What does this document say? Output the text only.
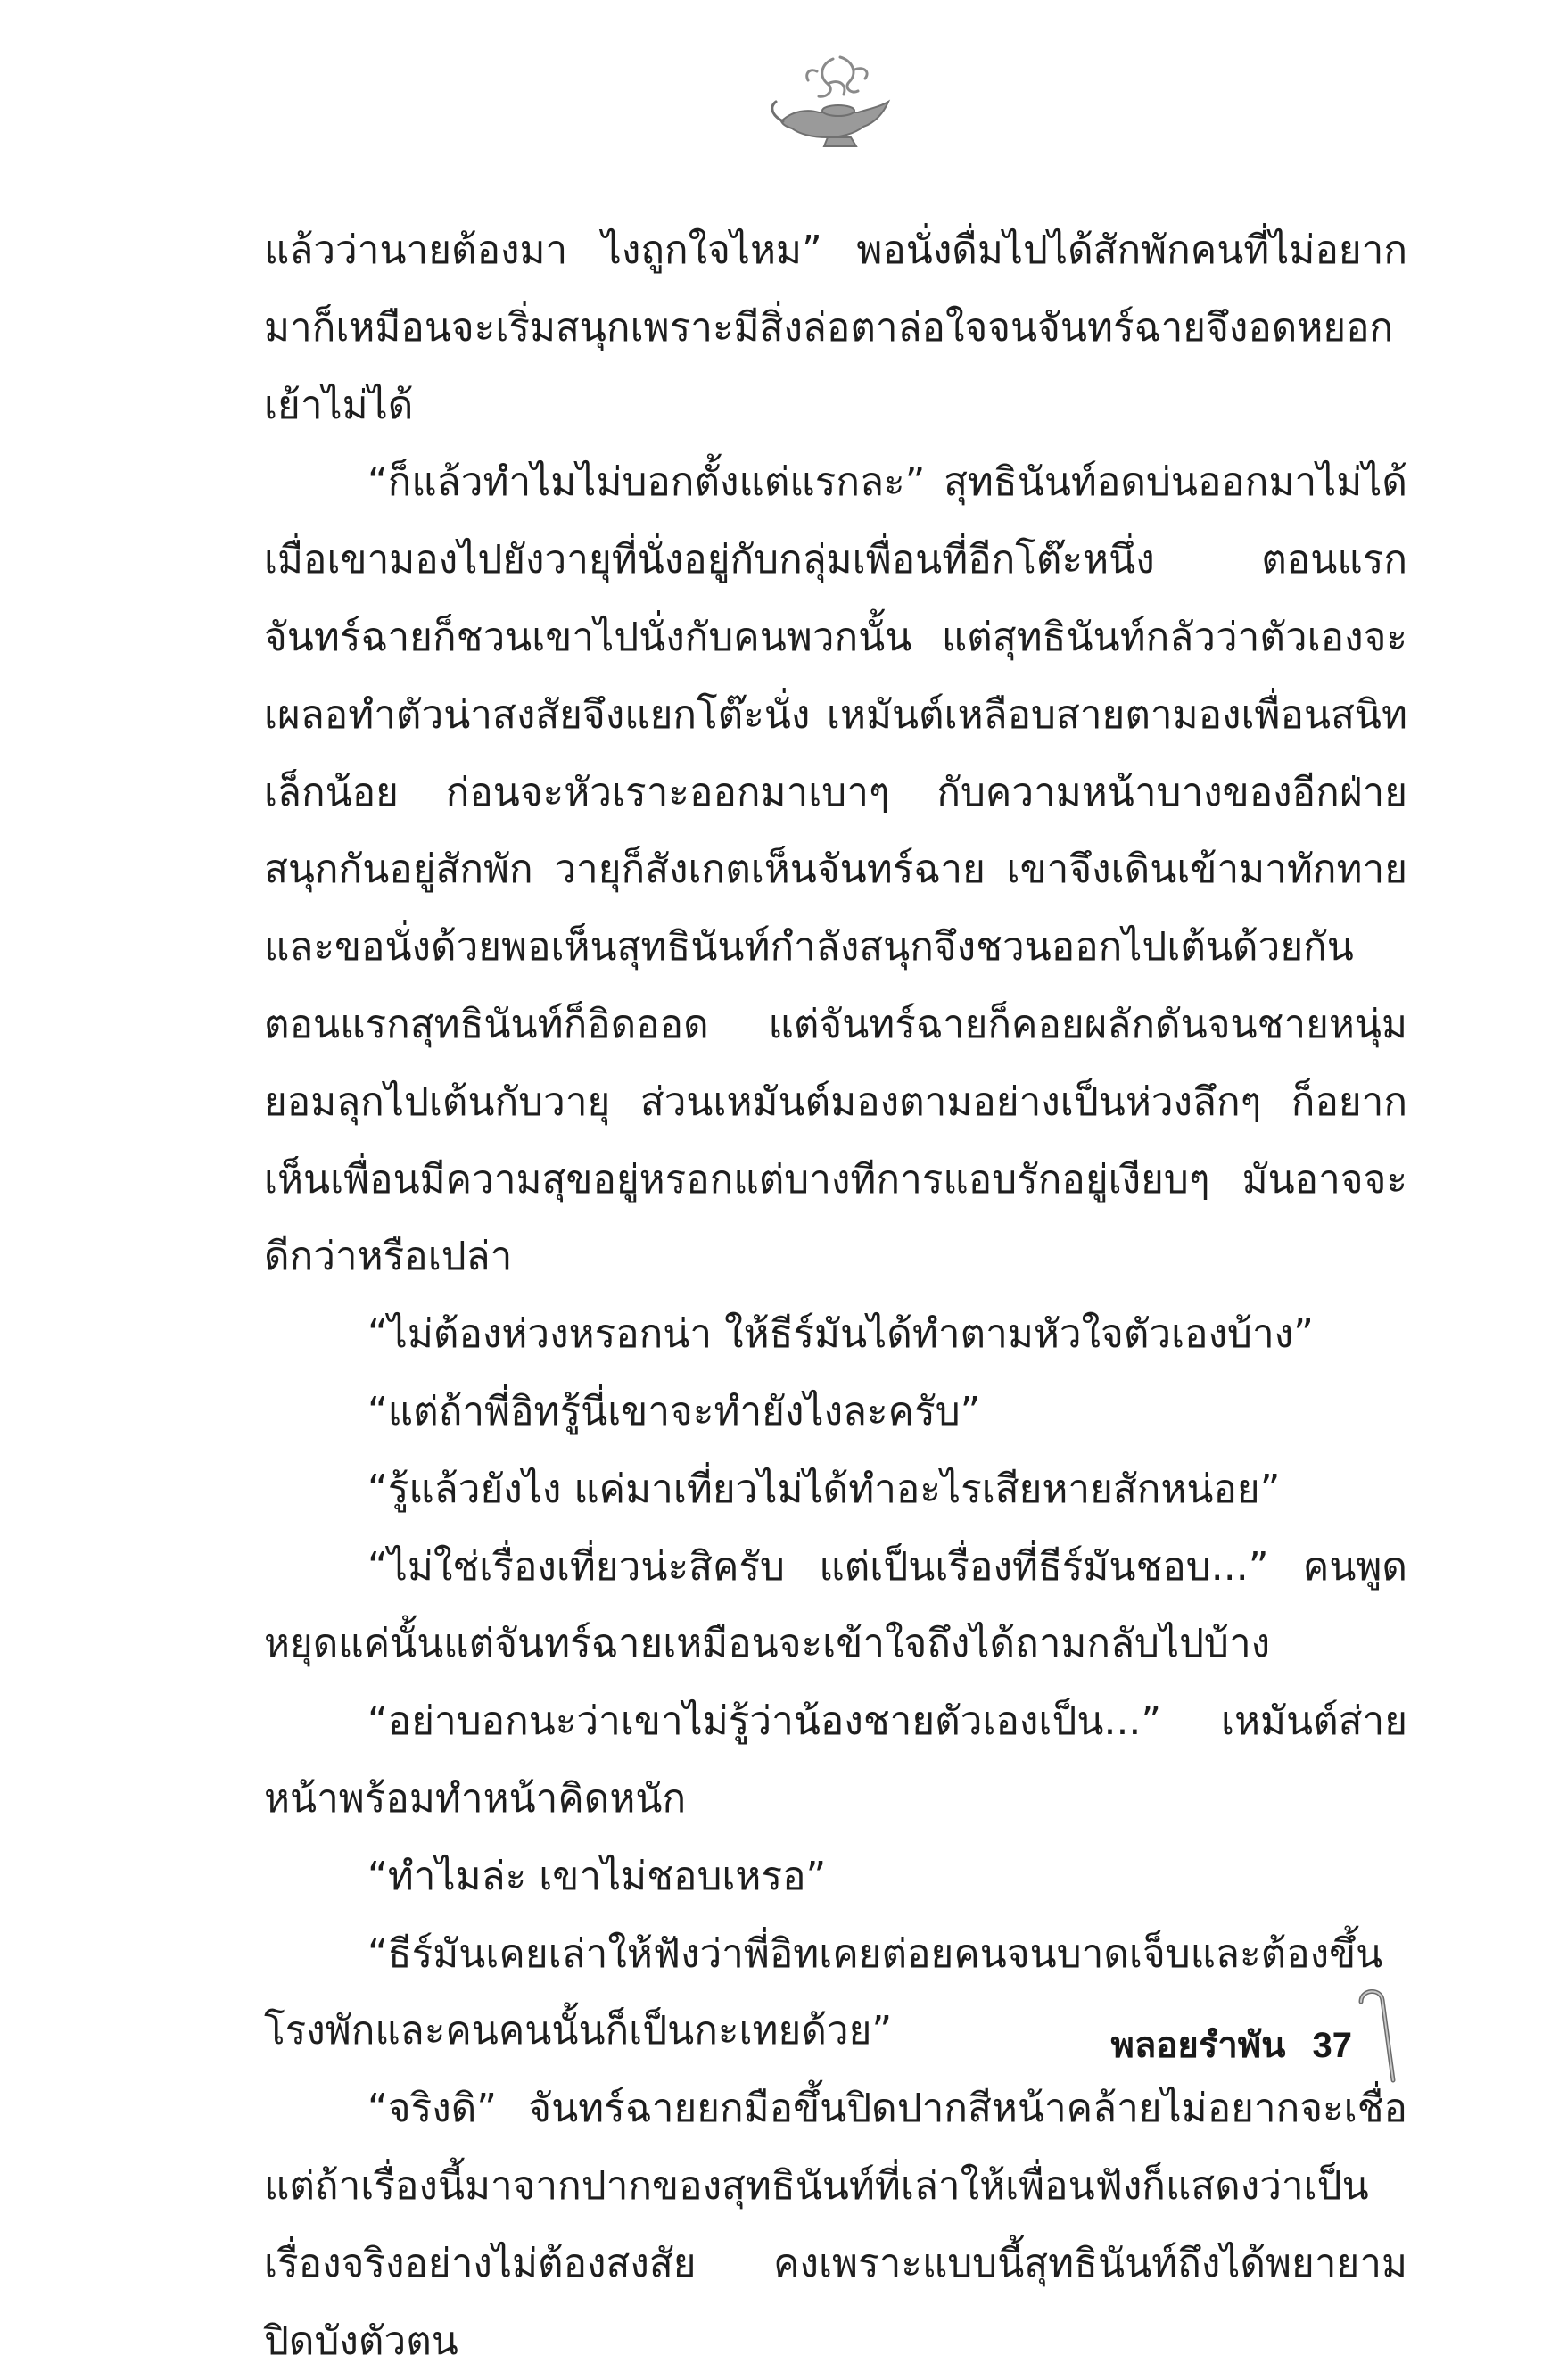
แล้วว่านายต้องมา ไงถูกใจไหม” พอนั่งดื่มไปได้สักพักคนที่ไม่อยากมาก็เหมือนจะเริ่มสนุกเพราะมีสิ่งล่อตาล่อใจจนจันทร์ฉายจึงอดหยอกเย้าไม่ได้

“ก็แล้วทำไมไม่บอกตั้งแต่แรกละ” สุทธินันท์อดบ่นออกมาไม่ได้เมื่อเขามองไปยังวายุที่นั่งอยู่กับกลุ่มเพื่อนที่อีกโต๊ะหนึ่ง ตอนแรกจันทร์ฉายก็ชวนเขาไปนั่งกับคนพวกนั้น แต่สุทธินันท์กลัวว่าตัวเองจะเผลอทำตัวน่าสงสัยจึงแยกโต๊ะนั่ง เหมันต์เหลือบสายตามองเพื่อนสนิทเล็กน้อย ก่อนจะหัวเราะออกมาเบาๆ กับความหน้าบางของอีกฝ่าย สนุกกันอยู่สักพัก วายุก็สังเกตเห็นจันทร์ฉาย เขาจึงเดินเข้ามาทักทายและขอนั่งด้วยพอเห็นสุทธินันท์กำลังสนุกจึงชวนออกไปเต้นด้วยกัน ตอนแรกสุทธินันท์ก็อิดออด แต่จันทร์ฉายก็คอยผลักดันจนชายหนุ่มยอมลุกไปเต้นกับวายุ ส่วนเหมันต์มองตามอย่างเป็นห่วงลึกๆ ก็อยากเห็นเพื่อนมีความสุขอยู่หรอกแต่บางทีการแอบรักอยู่เงียบๆ มันอาจจะดีกว่าหรือเปล่า

“ไม่ต้องห่วงหรอกน่า ให้ธีร์มันได้ทำตามหัวใจตัวเองบ้าง”

“แต่ถ้าพี่อิทรู้นี่เขาจะทำยังไงละครับ”

“รู้แล้วยังไง แค่มาเที่ยวไม่ได้ทำอะไรเสียหายสักหน่อย”

“ไม่ใช่เรื่องเที่ยวน่ะสิครับ แต่เป็นเรื่องที่ธีร์มันชอบ...” คนพูดหยุดแค่นั้นแต่จันทร์ฉายเหมือนจะเข้าใจถึงได้ถามกลับไปบ้าง

“อย่าบอกนะว่าเขาไม่รู้ว่าน้องชายตัวเองเป็น...” เหมันต์ส่ายหน้าพร้อมทำหน้าคิดหนัก

“ทำไมล่ะ เขาไม่ชอบเหรอ”

“ธีร์มันเคยเล่าให้ฟังว่าพี่อิทเคยต่อยคนจนบาดเจ็บและต้องขึ้นโรงพักและคนคนนั้นก็เป็นกะเทยด้วย”

“จริงดิ” จันทร์ฉายยกมือขึ้นปิดปากสีหน้าคล้ายไม่อยากจะเชื่อ แต่ถ้าเรื่องนี้มาจากปากของสุทธินันท์ที่เล่าให้เพื่อนฟังก็แสดงว่าเป็นเรื่องจริงอย่างไม่ต้องสงสัย คงเพราะแบบนี้สุทธินันท์ถึงได้พยายามปิดบังตัวตน

พลอยรำพัน 37
